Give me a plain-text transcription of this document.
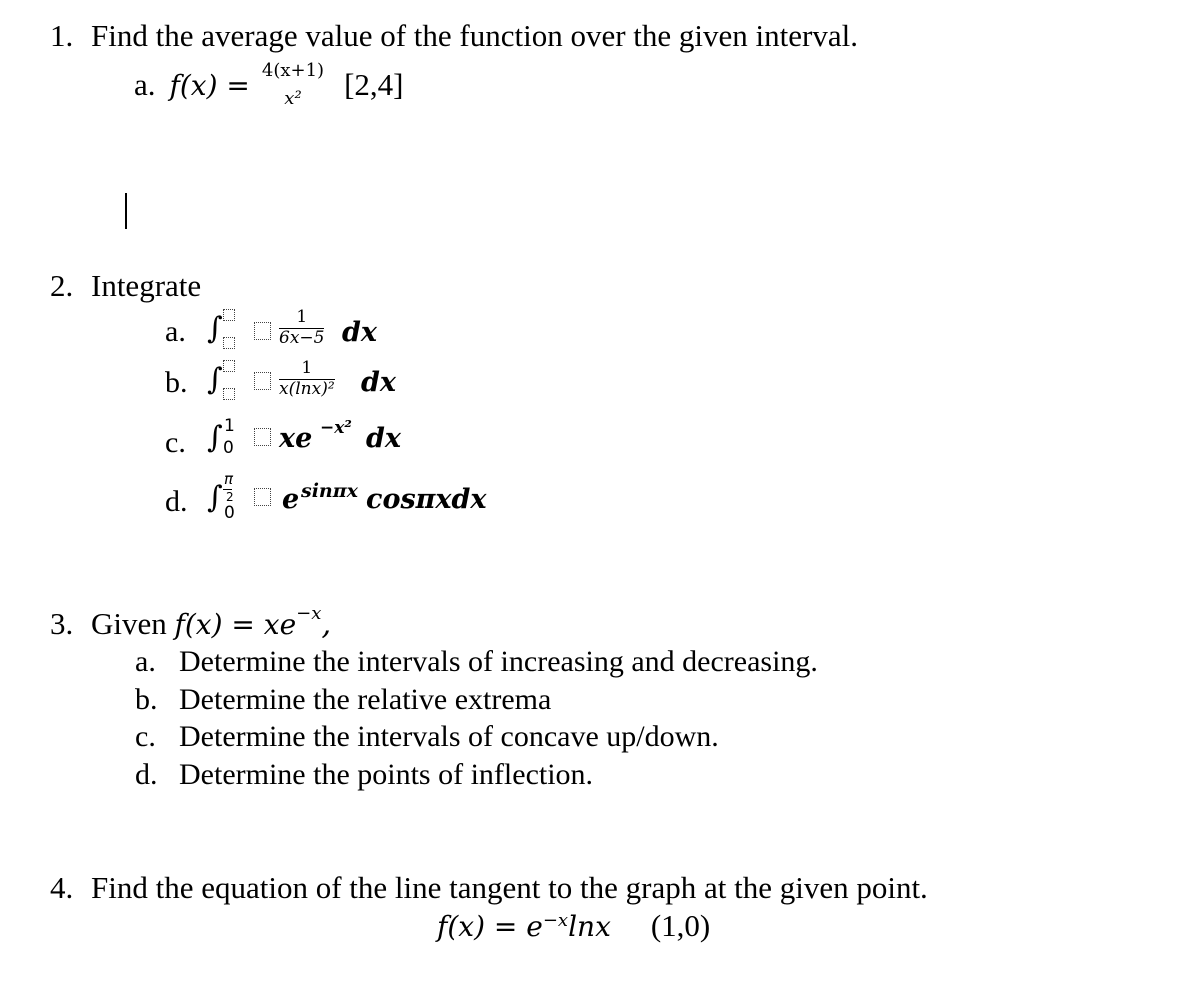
1. Find the average value of the function over the given interval.
a. f(x) = 4(x+1)
x²	[2,4]
2. Integrate
a. ∫	$\frac{1}{6x-5}$ dx
b. ∫	$\frac{1}{\text{x(lnx)²}}$ dx
c. ∫ 1
0 xe −x² dx
d. ∫
π
2
0 e sinπx cosπxdx
3. Given $f(x) = xe^{-x}$,
a. Determine the intervals of increasing and decreasing.
b. Determine the relative extrema
c. Determine the intervals of concave up/down.
d. Determine the points of inflection.
4. Find the equation of the line tangent to the graph at the given point.
$f(x) = e^{-x}\ln x$ (1,0)
